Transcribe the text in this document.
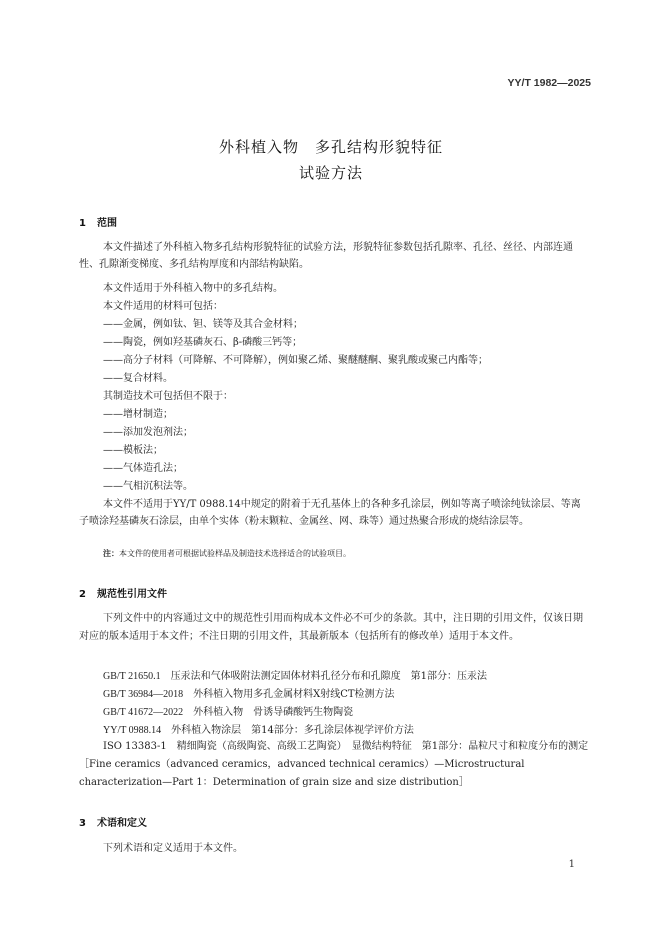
YY/T 1982—2025
外科植入物　多孔结构形貌特征
试验方法
1 范围
本文件描述了外科植入物多孔结构形貌特征的试验方法，形貌特征参数包括孔隙率、孔径、丝径、内部连通性、孔隙渐变梯度、多孔结构厚度和内部结构缺陷。
本文件适用于外科植入物中的多孔结构。
本文件适用的材料可包括：
——金属，例如钛、钽、镁等及其合金材料；
——陶瓷，例如羟基磷灰石、β-磷酸三钙等；
——高分子材料（可降解、不可降解），例如聚乙烯、聚醚醚酮、聚乳酸或聚己内酯等；
——复合材料。
其制造技术可包括但不限于：
——增材制造；
——添加发泡剂法；
——模板法；
——气体造孔法；
——气相沉积法等。
本文件不适用于YY/T 0988.14中规定的附着于无孔基体上的各种多孔涂层，例如等离子喷涂纯钛涂层、等离子喷涂羟基磷灰石涂层，由单个实体（粉末颗粒、金属丝、网、珠等）通过热聚合形成的烧结涂层等。
注：本文件的使用者可根据试验样品及制造技术选择适合的试验项目。
2 规范性引用文件
下列文件中的内容通过文中的规范性引用而构成本文件必不可少的条款。其中，注日期的引用文件，仅该日期对应的版本适用于本文件；不注日期的引用文件，其最新版本（包括所有的修改单）适用于本文件。
GB/T 21650.1　 压汞法和气体吸附法测定固体材料孔径分布和孔隙度　第1部分：压汞法
GB/T 36984—2018　 外科植入物用多孔金属材料X射线CT检测方法
GB/T 41672—2022　 外科植入物　骨诱导磷酸钙生物陶瓷
YY/T 0988.14　 外科植入物涂层　第14部分：多孔涂层体视学评价方法
ISO 13383-1　精细陶瓷（高级陶瓷、高级工艺陶瓷）　显微结构特征　第1部分：晶粒尺寸和粒度分布的测定［Fine ceramics（advanced ceramics，advanced technical ceramics）—Microstructural characterization—Part 1：Determination of grain size and size distribution］
3 术语和定义
下列术语和定义适用于本文件。
1
